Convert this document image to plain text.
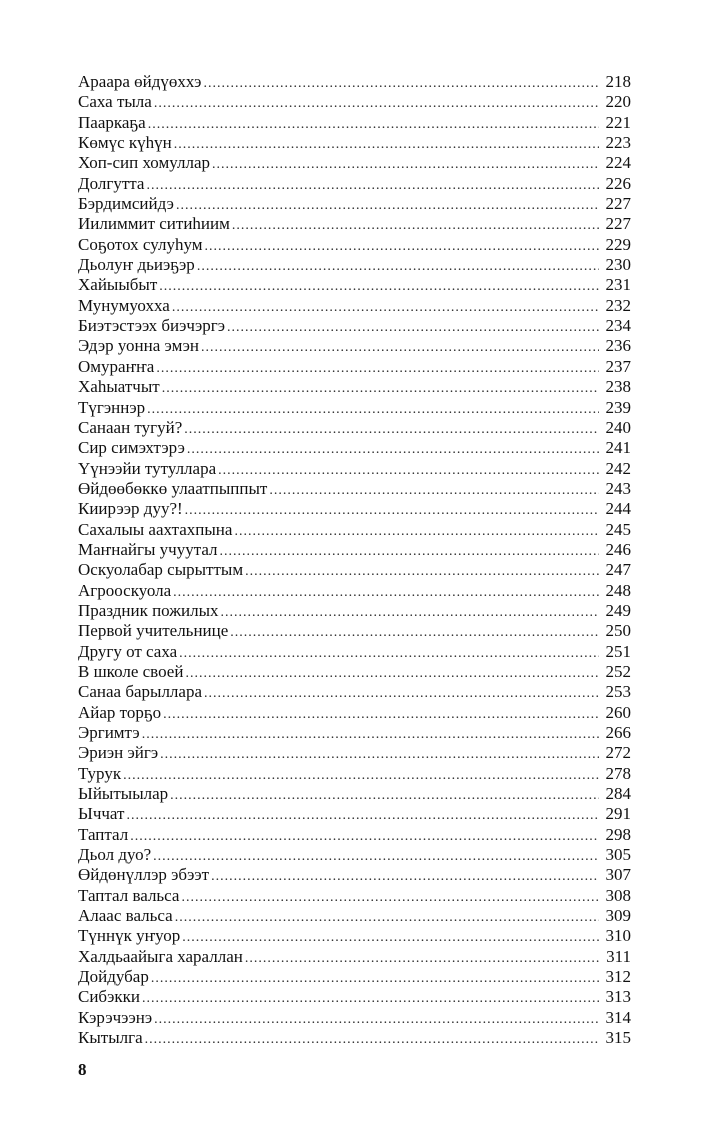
Араара өйдүөххэ .....	218
Саха тыла .....	220
Пааркаҕа .....	221
Көмүс күһүн .....	223
Хоп-сип хомуллар .....	224
Долгутта .....	226
Бэрдимсийдэ .....	227
Иилиммит ситиһиим .....	227
Соҕотох сулуһум .....	229
Дьолуҥ дьиэҕэр .....	230
Хайыыбыт .....	231
Мунумуохха .....	232
Биэтэстээх биэчэргэ .....	234
Эдэр уонна эмэн .....	236
Омураҥҥа .....	237
Хаһыатчыт .....	238
Түгэннэр .....	239
Санаан тугуй? .....	240
Сир симэхтэрэ .....	241
Үүнээйи тутуллара .....	242
Өйдөөбөккө улаатпыппыт .....	243
Киирээр дуу?! .....	244
Сахалыы аахтахпына .....	245
Маҥнайгы учуутал .....	246
Оскуолабар сырыттым .....	247
Агрооскуола .....	248
Праздник пожилых .....	249
Первой учительнице .....	250
Другу от саха .....	251
В школе своей .....	252
Санаа барыллара .....	253
Айар торҕо .....	260
Эргимтэ .....	266
Эриэн эйгэ .....	272
Турук .....	278
Ыйытыылар .....	284
Ыччат .....	291
Таптал .....	298
Дьол дуо? .....	305
Өйдөнүллэр эбээт .....	307
Таптал вальса .....	308
Алаас вальса .....	309
Түннүк уҥуор .....	310
Халдьаайыга хараллан .....	311
Дойдубар .....	312
Сибэкки .....	313
Кэрэчээнэ .....	314
Кытылга .....	315
8
